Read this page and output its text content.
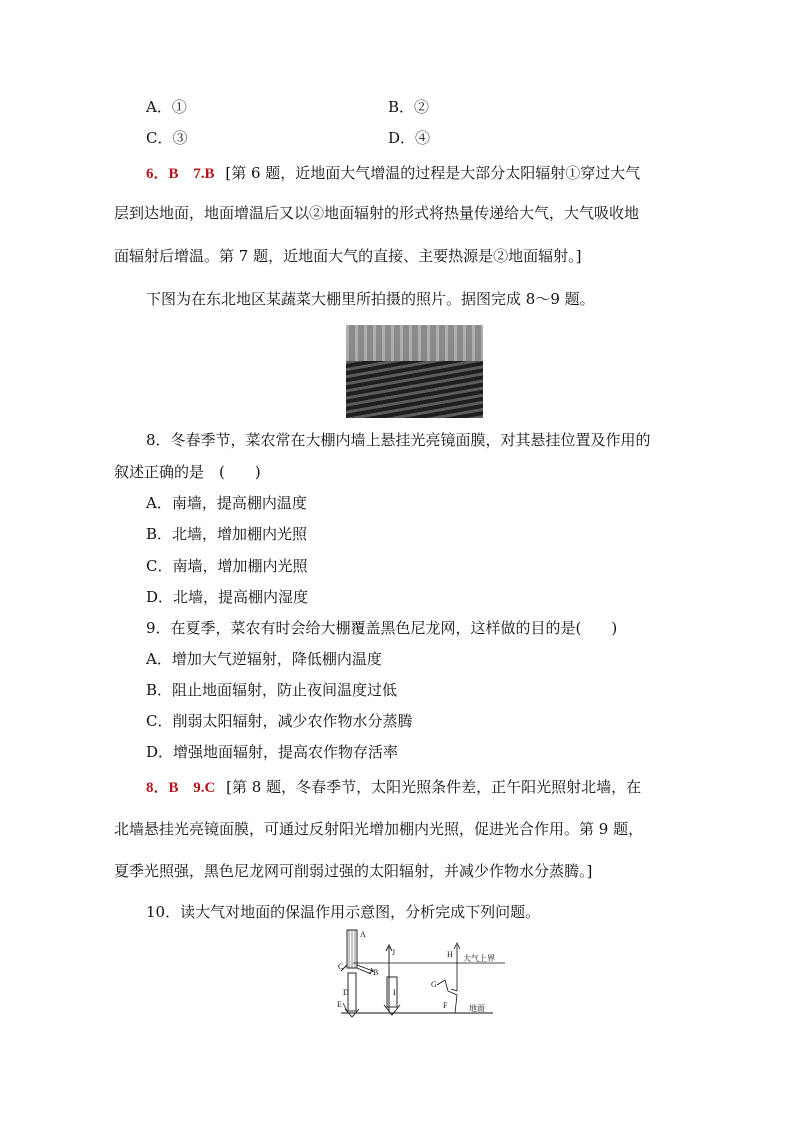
A．①	B．②
C．③	D．④
6．B 7.B [第 6 题，近地面大气增温的过程是大部分太阳辐射①穿过大气
层到达地面，地面增温后又以②地面辐射的形式将热量传递给大气，大气吸收地
面辐射后增温。第 7 题，近地面大气的直接、主要热源是②地面辐射。]
下图为在东北地区某蔬菜大棚里所拍摄的照片。据图完成 8～9 题。
8．冬春季节，菜农常在大棚内墙上悬挂光亮镜面膜，对其悬挂位置及作用的
叙述正确的是　(　　)
A．南墙，提高棚内温度
B．北墙，增加棚内光照
C．南墙，增加棚内光照
D．北墙，提高棚内湿度
9．在夏季，菜农有时会给大棚覆盖黑色尼龙网，这样做的目的是(　　)
A．增加大气逆辐射，降低棚内温度
B．阻止地面辐射，防止夜间温度过低
C．削弱太阳辐射，减少农作物水分蒸腾
D．增强地面辐射，提高农作物存活率
8．B 9.C [第 8 题，冬春季节，太阳光照条件差，正午阳光照射北墙，在
北墙悬挂光亮镜面膜，可通过反射阳光增加棚内光照，促进光合作用。第 9 题，
夏季光照强，黑色尼龙网可削弱过强的太阳辐射，并减少作物水分蒸腾。]
10．读大气对地面的保温作用示意图，分析完成下列问题。
A
B
C
D
E	F
G
H
I
J
大气上界
地面
